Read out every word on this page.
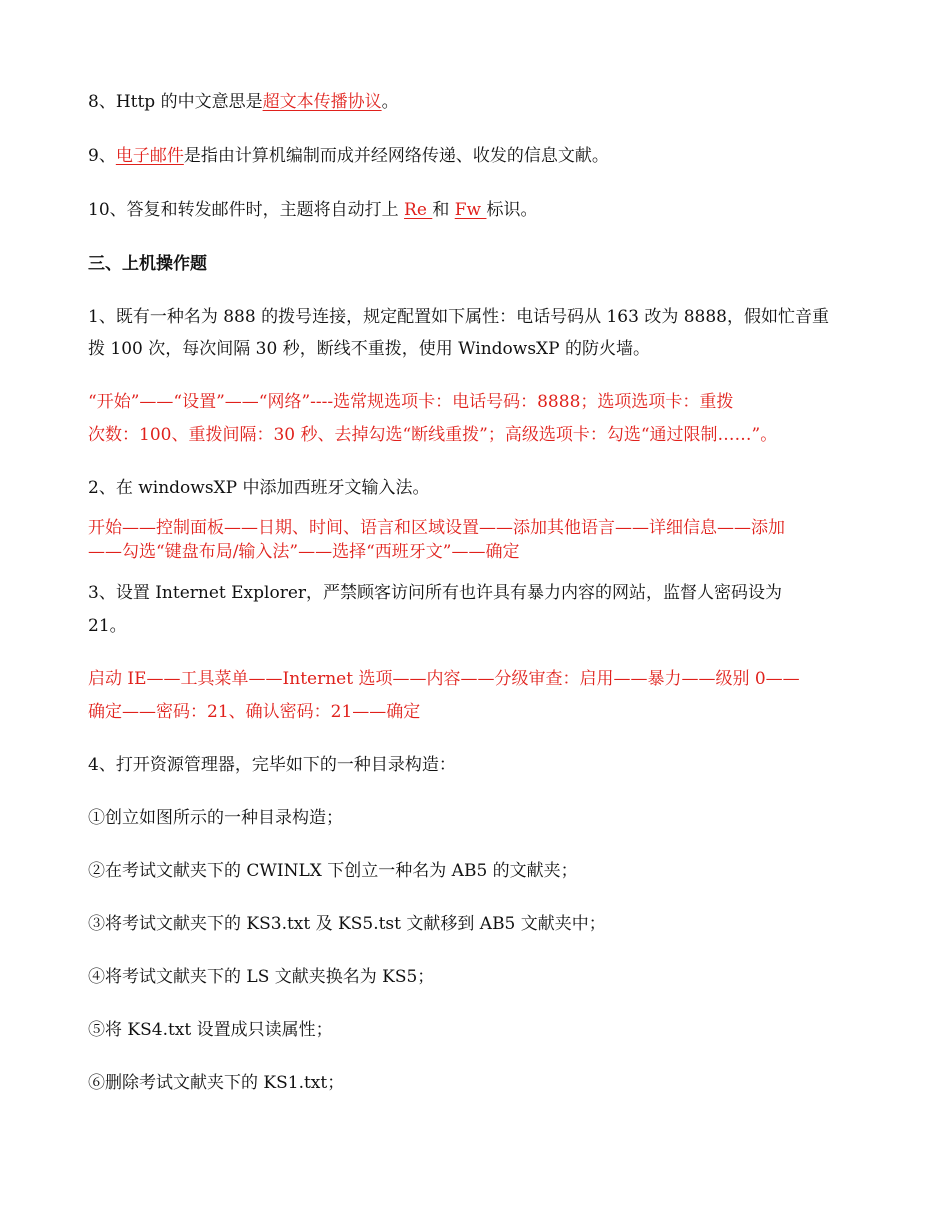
8、Http 的中文意思是超文本传播协议。
9、电子邮件是指由计算机编制而成并经网络传递、收发的信息文献。
10、答复和转发邮件时，主题将自动打上 Re 和 Fw 标识。
三、上机操作题
1、既有一种名为 888 的拨号连接，规定配置如下属性：电话号码从 163 改为 8888，假如忙音重
拨 100 次，每次间隔 30 秒，断线不重拨，使用 WindowsXP 的防火墙。
“开始”——“设置”——“网络”----选常规选项卡：电话号码：8888；选项选项卡：重拨
次数：100、重拨间隔：30 秒、去掉勾选“断线重拨”；高级选项卡：勾选“通过限制……”。
2、在 windowsXP 中添加西班牙文输入法。
开始——控制面板——日期、时间、语言和区域设置——添加其他语言——详细信息——添加
——勾选“键盘布局/输入法”——选择“西班牙文”——确定
3、设置 Internet Explorer，严禁顾客访问所有也许具有暴力内容的网站，监督人密码设为
21。
启动 IE——工具菜单——Internet 选项——内容——分级审查：启用——暴力——级别 0——
确定——密码：21、确认密码：21——确定
4、打开资源管理器，完毕如下的一种目录构造：
①创立如图所示的一种目录构造；
②在考试文献夹下的 CWINLX 下创立一种名为 AB5 的文献夹；
③将考试文献夹下的 KS3.txt 及 KS5.tst 文献移到 AB5 文献夹中；
④将考试文献夹下的 LS 文献夹换名为 KS5；
⑤将 KS4.txt 设置成只读属性；
⑥删除考试文献夹下的 KS1.txt；
